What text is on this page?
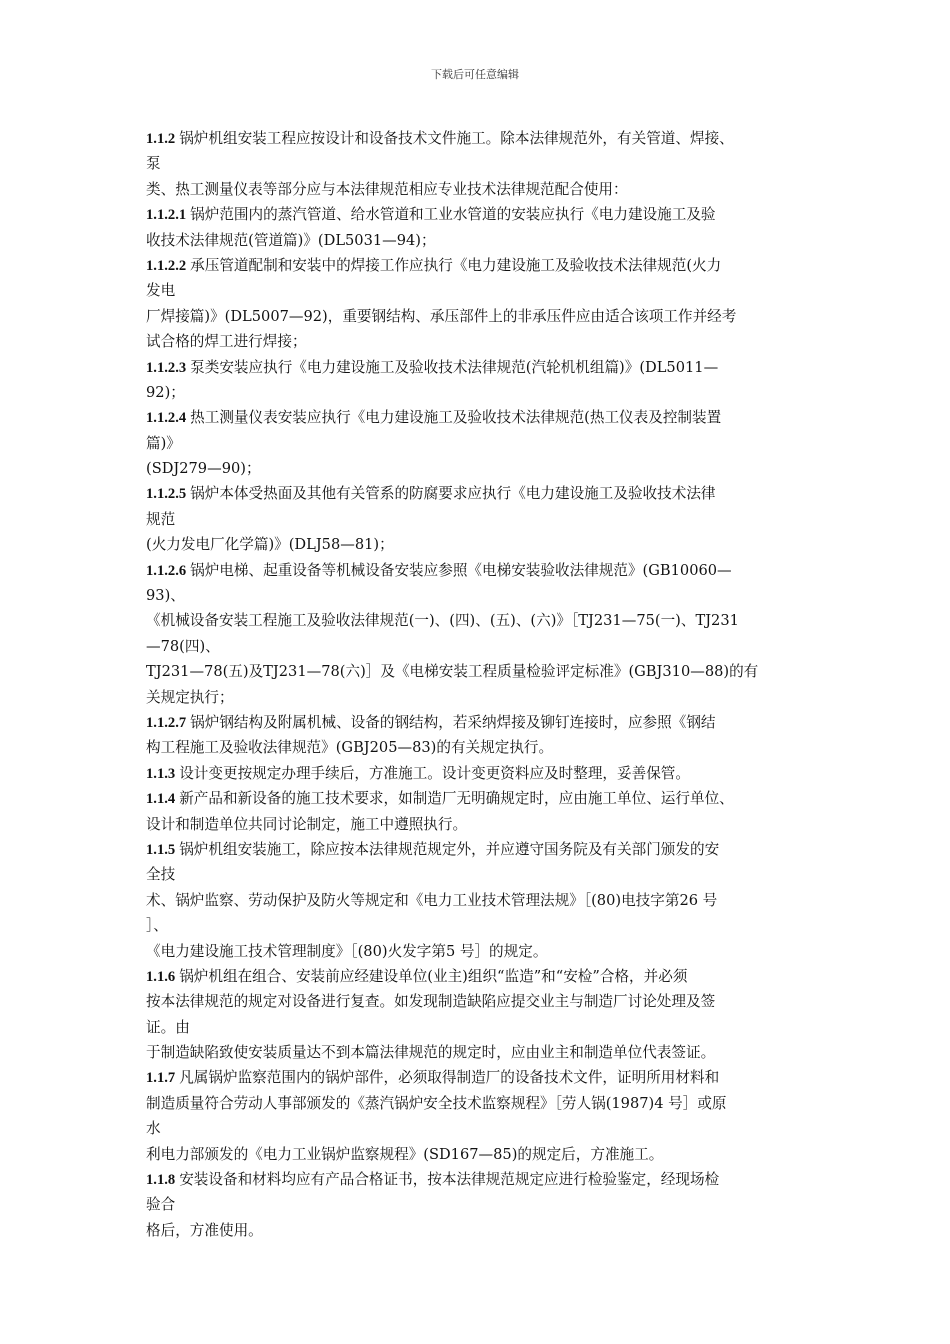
下载后可任意编辑
1.1.2 锅炉机组安装工程应按设计和设备技术文件施工。除本法律规范外，有关管道、焊接、
泵
类、热工测量仪表等部分应与本法律规范相应专业技术法律规范配合使用：
1.1.2.1 锅炉范围内的蒸汽管道、给水管道和工业水管道的安装应执行《电力建设施工及验
收技术法律规范(管道篇)》(DL5031—94)；
1.1.2.2 承压管道配制和安装中的焊接工作应执行《电力建设施工及验收技术法律规范(火力
发电
厂焊接篇)》(DL5007—92)，重要钢结构、承压部件上的非承压件应由适合该项工作并经考
试合格的焊工进行焊接；
1.1.2.3 泵类安装应执行《电力建设施工及验收技术法律规范(汽轮机机组篇)》(DL5011—
92)；
1.1.2.4 热工测量仪表安装应执行《电力建设施工及验收技术法律规范(热工仪表及控制装置
篇)》
(SDJ279—90)；
1.1.2.5 锅炉本体受热面及其他有关管系的防腐要求应执行《电力建设施工及验收技术法律
规范
(火力发电厂化学篇)》(DLJ58—81)；
1.1.2.6 锅炉电梯、起重设备等机械设备安装应参照《电梯安装验收法律规范》(GB10060—
93)、
《机械设备安装工程施工及验收法律规范(一)、(四)、(五)、(六)》［TJ231—75(一)、TJ231
—78(四)、
TJ231—78(五)及TJ231—78(六)］及《电梯安装工程质量检验评定标准》(GBJ310—88)的有
关规定执行；
1.1.2.7 锅炉钢结构及附属机械、设备的钢结构，若采纳焊接及铆钉连接时，应参照《钢结
构工程施工及验收法律规范》(GBJ205—83)的有关规定执行。
1.1.3 设计变更按规定办理手续后，方准施工。设计变更资料应及时整理，妥善保管。
1.1.4 新产品和新设备的施工技术要求，如制造厂无明确规定时，应由施工单位、运行单位、
设计和制造单位共同讨论制定，施工中遵照执行。
1.1.5 锅炉机组安装施工，除应按本法律规范规定外，并应遵守国务院及有关部门颁发的安
全技
术、锅炉监察、劳动保护及防火等规定和《电力工业技术管理法规》［(80)电技字第26 号
］、
《电力建设施工技术管理制度》［(80)火发字第5 号］的规定。
1.1.6 锅炉机组在组合、安装前应经建设单位(业主)组织“监造”和“安检”合格，并必须
按本法律规范的规定对设备进行复查。如发现制造缺陷应提交业主与制造厂讨论处理及签
证。由
于制造缺陷致使安装质量达不到本篇法律规范的规定时，应由业主和制造单位代表签证。
1.1.7 凡属锅炉监察范围内的锅炉部件，必须取得制造厂的设备技术文件，证明所用材料和
制造质量符合劳动人事部颁发的《蒸汽锅炉安全技术监察规程》［劳人锅(1987)4 号］或原
水
利电力部颁发的《电力工业锅炉监察规程》(SD167—85)的规定后，方准施工。
1.1.8 安装设备和材料均应有产品合格证书，按本法律规范规定应进行检验鉴定，经现场检
验合
格后，方准使用。
